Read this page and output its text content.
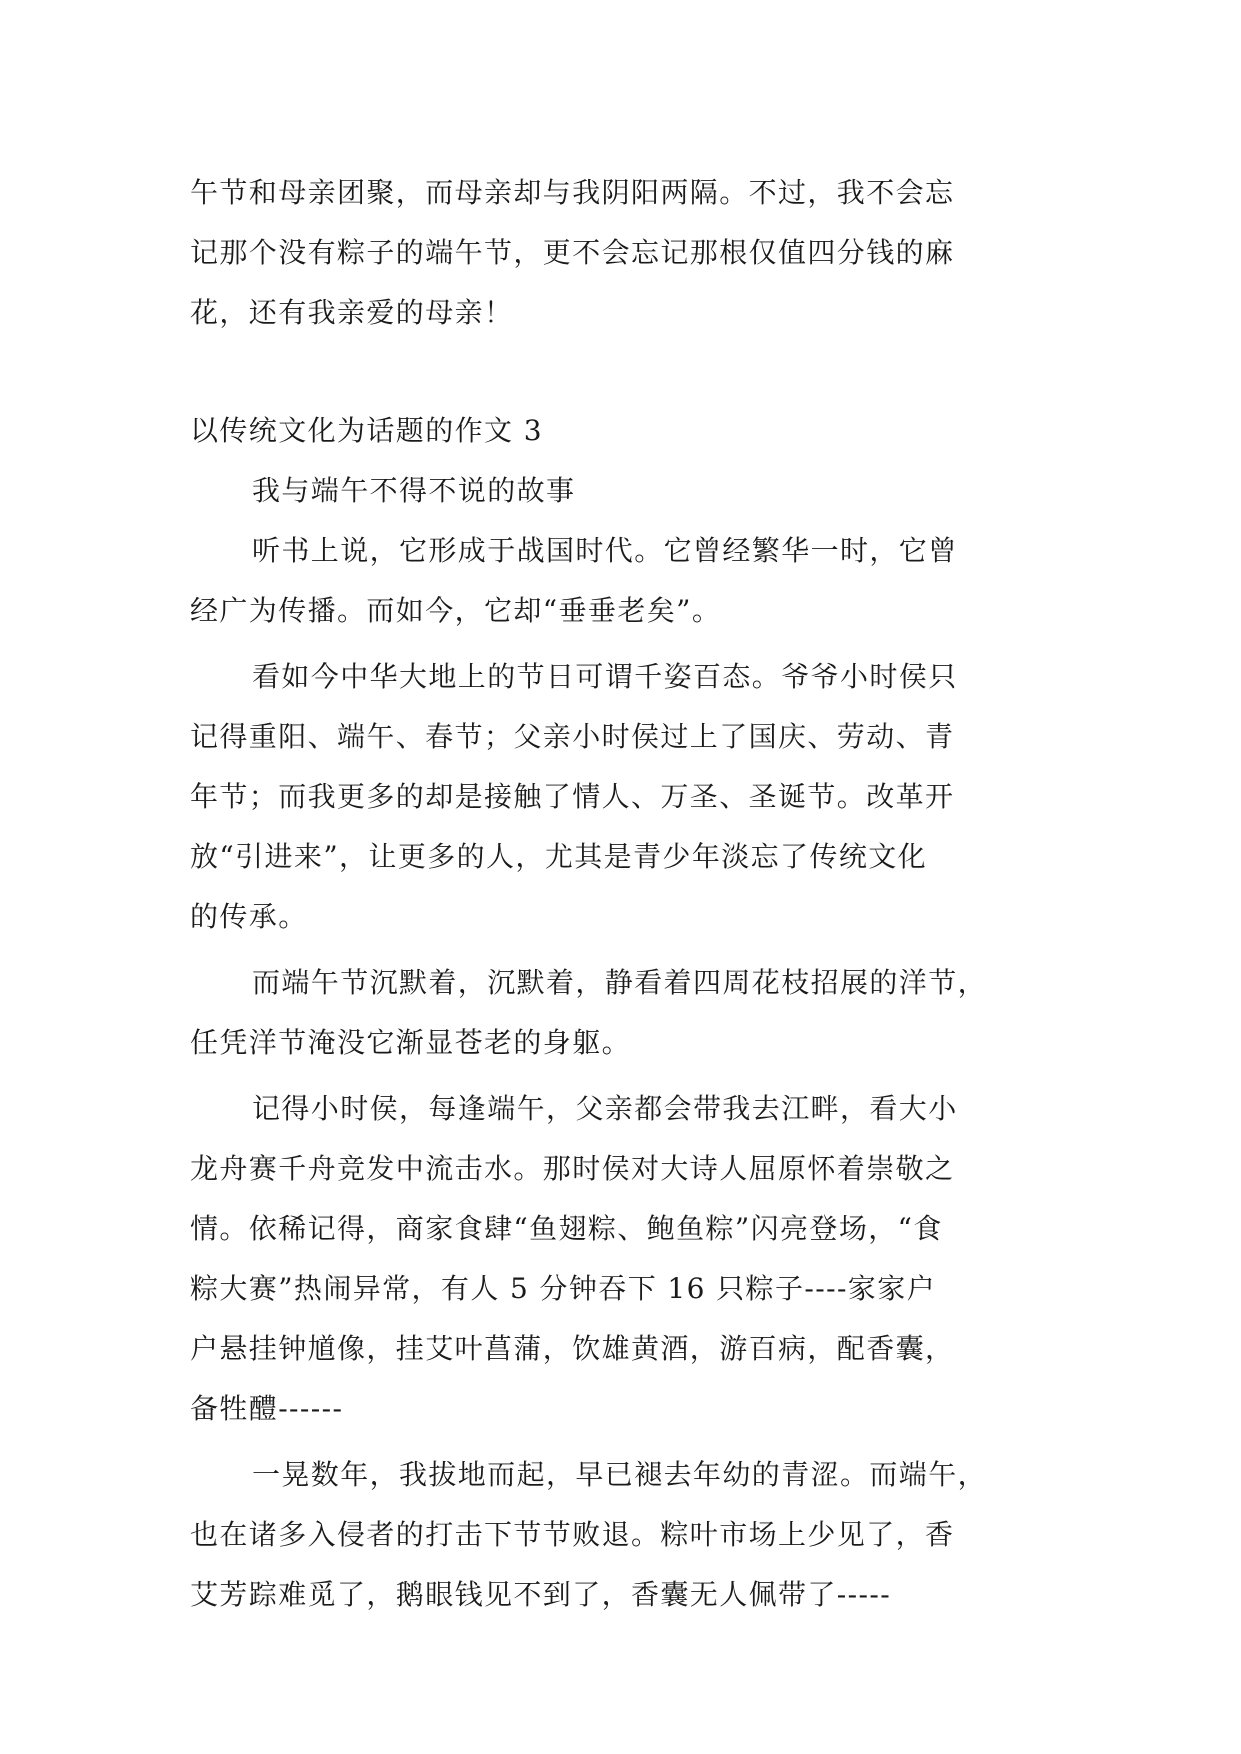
午节和母亲团聚，而母亲却与我阴阳两隔。不过，我不会忘
记那个没有粽子的端午节，更不会忘记那根仅值四分钱的麻
花，还有我亲爱的母亲！
以传统文化为话题的作文 3
我与端午不得不说的故事
听书上说，它形成于战国时代。它曾经繁华一时，它曾
经广为传播。而如今，它却“垂垂老矣”。
看如今中华大地上的节日可谓千姿百态。爷爷小时侯只
记得重阳、端午、春节；父亲小时侯过上了国庆、劳动、青
年节；而我更多的却是接触了情人、万圣、圣诞节。改革开
放“引进来”，让更多的人，尤其是青少年淡忘了传统文化
的传承。
而端午节沉默着，沉默着，静看着四周花枝招展的洋节，
任凭洋节淹没它渐显苍老的身躯。
记得小时侯，每逢端午，父亲都会带我去江畔，看大小
龙舟赛千舟竞发中流击水。那时侯对大诗人屈原怀着崇敬之
情。依稀记得，商家食肆“鱼翅粽、鲍鱼粽”闪亮登场，“食
粽大赛”热闹异常，有人 5 分钟吞下 16 只粽子----家家户
户悬挂钟馗像，挂艾叶菖蒲，饮雄黄酒，游百病，配香囊，
备牲醴------
一晃数年，我拔地而起，早已褪去年幼的青涩。而端午，
也在诸多入侵者的打击下节节败退。粽叶市场上少见了，香
艾芳踪难觅了，鹅眼钱见不到了，香囊无人佩带了-----
